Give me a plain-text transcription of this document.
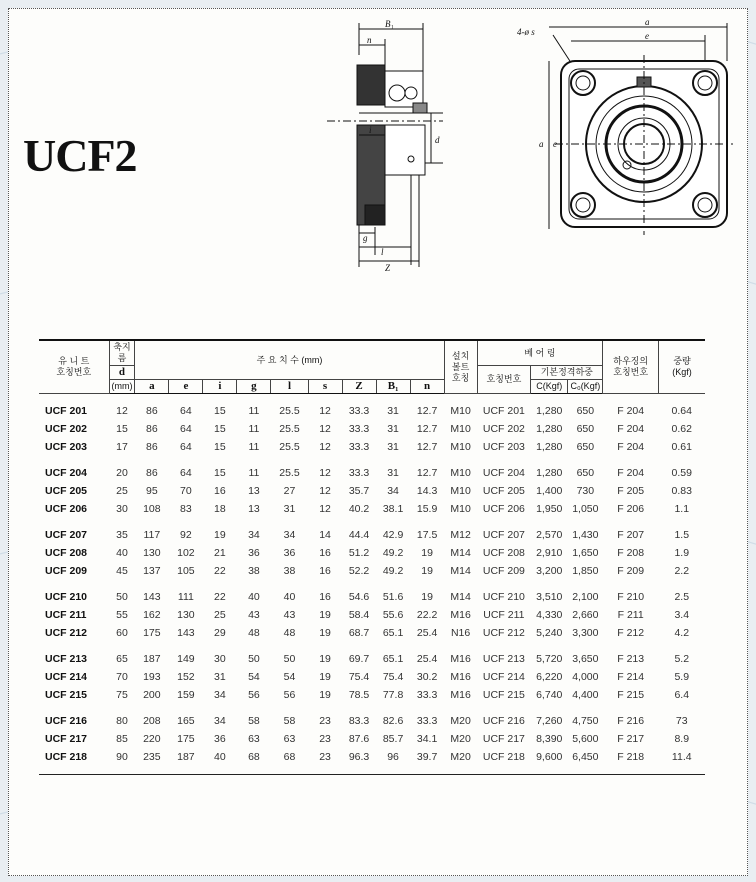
UCF2
B₁
n
i
d
g
l
Z
4-ø s
a
e
a e
유 니 트
호칭번호	축지름	주 요 치 수 (mm)									설치
볼트
호칭	베 어 링			하우징의
호칭번호	중량
(Kgf)
	d											호칭번호	기본정격하중			
	(mm)	a	e	i	g	l	s	Z	B₁	n			C(Kgf)	C₀(Kgf)		

UCF 201	12	86	64	15	11	25.5	12	33.3	31	12.7	M10	UCF 201	1,280	650	F 204	0.64
UCF 202	15	86	64	15	11	25.5	12	33.3	31	12.7	M10	UCF 202	1,280	650	F 204	0.62
UCF 203	17	86	64	15	11	25.5	12	33.3	31	12.7	M10	UCF 203	1,280	650	F 204	0.61

UCF 204	20	86	64	15	11	25.5	12	33.3	31	12.7	M10	UCF 204	1,280	650	F 204	0.59
UCF 205	25	95	70	16	13	27	12	35.7	34	14.3	M10	UCF 205	1,400	730	F 205	0.83
UCF 206	30	108	83	18	13	31	12	40.2	38.1	15.9	M10	UCF 206	1,950	1,050	F 206	1.1

UCF 207	35	117	92	19	34	34	14	44.4	42.9	17.5	M12	UCF 207	2,570	1,430	F 207	1.5
UCF 208	40	130	102	21	36	36	16	51.2	49.2	19	M14	UCF 208	2,910	1,650	F 208	1.9
UCF 209	45	137	105	22	38	38	16	52.2	49.2	19	M14	UCF 209	3,200	1,850	F 209	2.2

UCF 210	50	143	111	22	40	40	16	54.6	51.6	19	M14	UCF 210	3,510	2,100	F 210	2.5
UCF 211	55	162	130	25	43	43	19	58.4	55.6	22.2	M16	UCF 211	4,330	2,660	F 211	3.4
UCF 212	60	175	143	29	48	48	19	68.7	65.1	25.4	N16	UCF 212	5,240	3,300	F 212	4.2

UCF 213	65	187	149	30	50	50	19	69.7	65.1	25.4	M16	UCF 213	5,720	3,650	F 213	5.2
UCF 214	70	193	152	31	54	54	19	75.4	75.4	30.2	M16	UCF 214	6,220	4,000	F 214	5.9
UCF 215	75	200	159	34	56	56	19	78.5	77.8	33.3	M16	UCF 215	6,740	4,400	F 215	6.4

UCF 216	80	208	165	34	58	58	23	83.3	82.6	33.3	M20	UCF 216	7,260	4,750	F 216	73
UCF 217	85	220	175	36	63	63	23	87.6	85.7	34.1	M20	UCF 217	8,390	5,600	F 217	8.9
UCF 218	90	235	187	40	68	68	23	96.3	96	39.7	M20	UCF 218	9,600	6,450	F 218	11.4
